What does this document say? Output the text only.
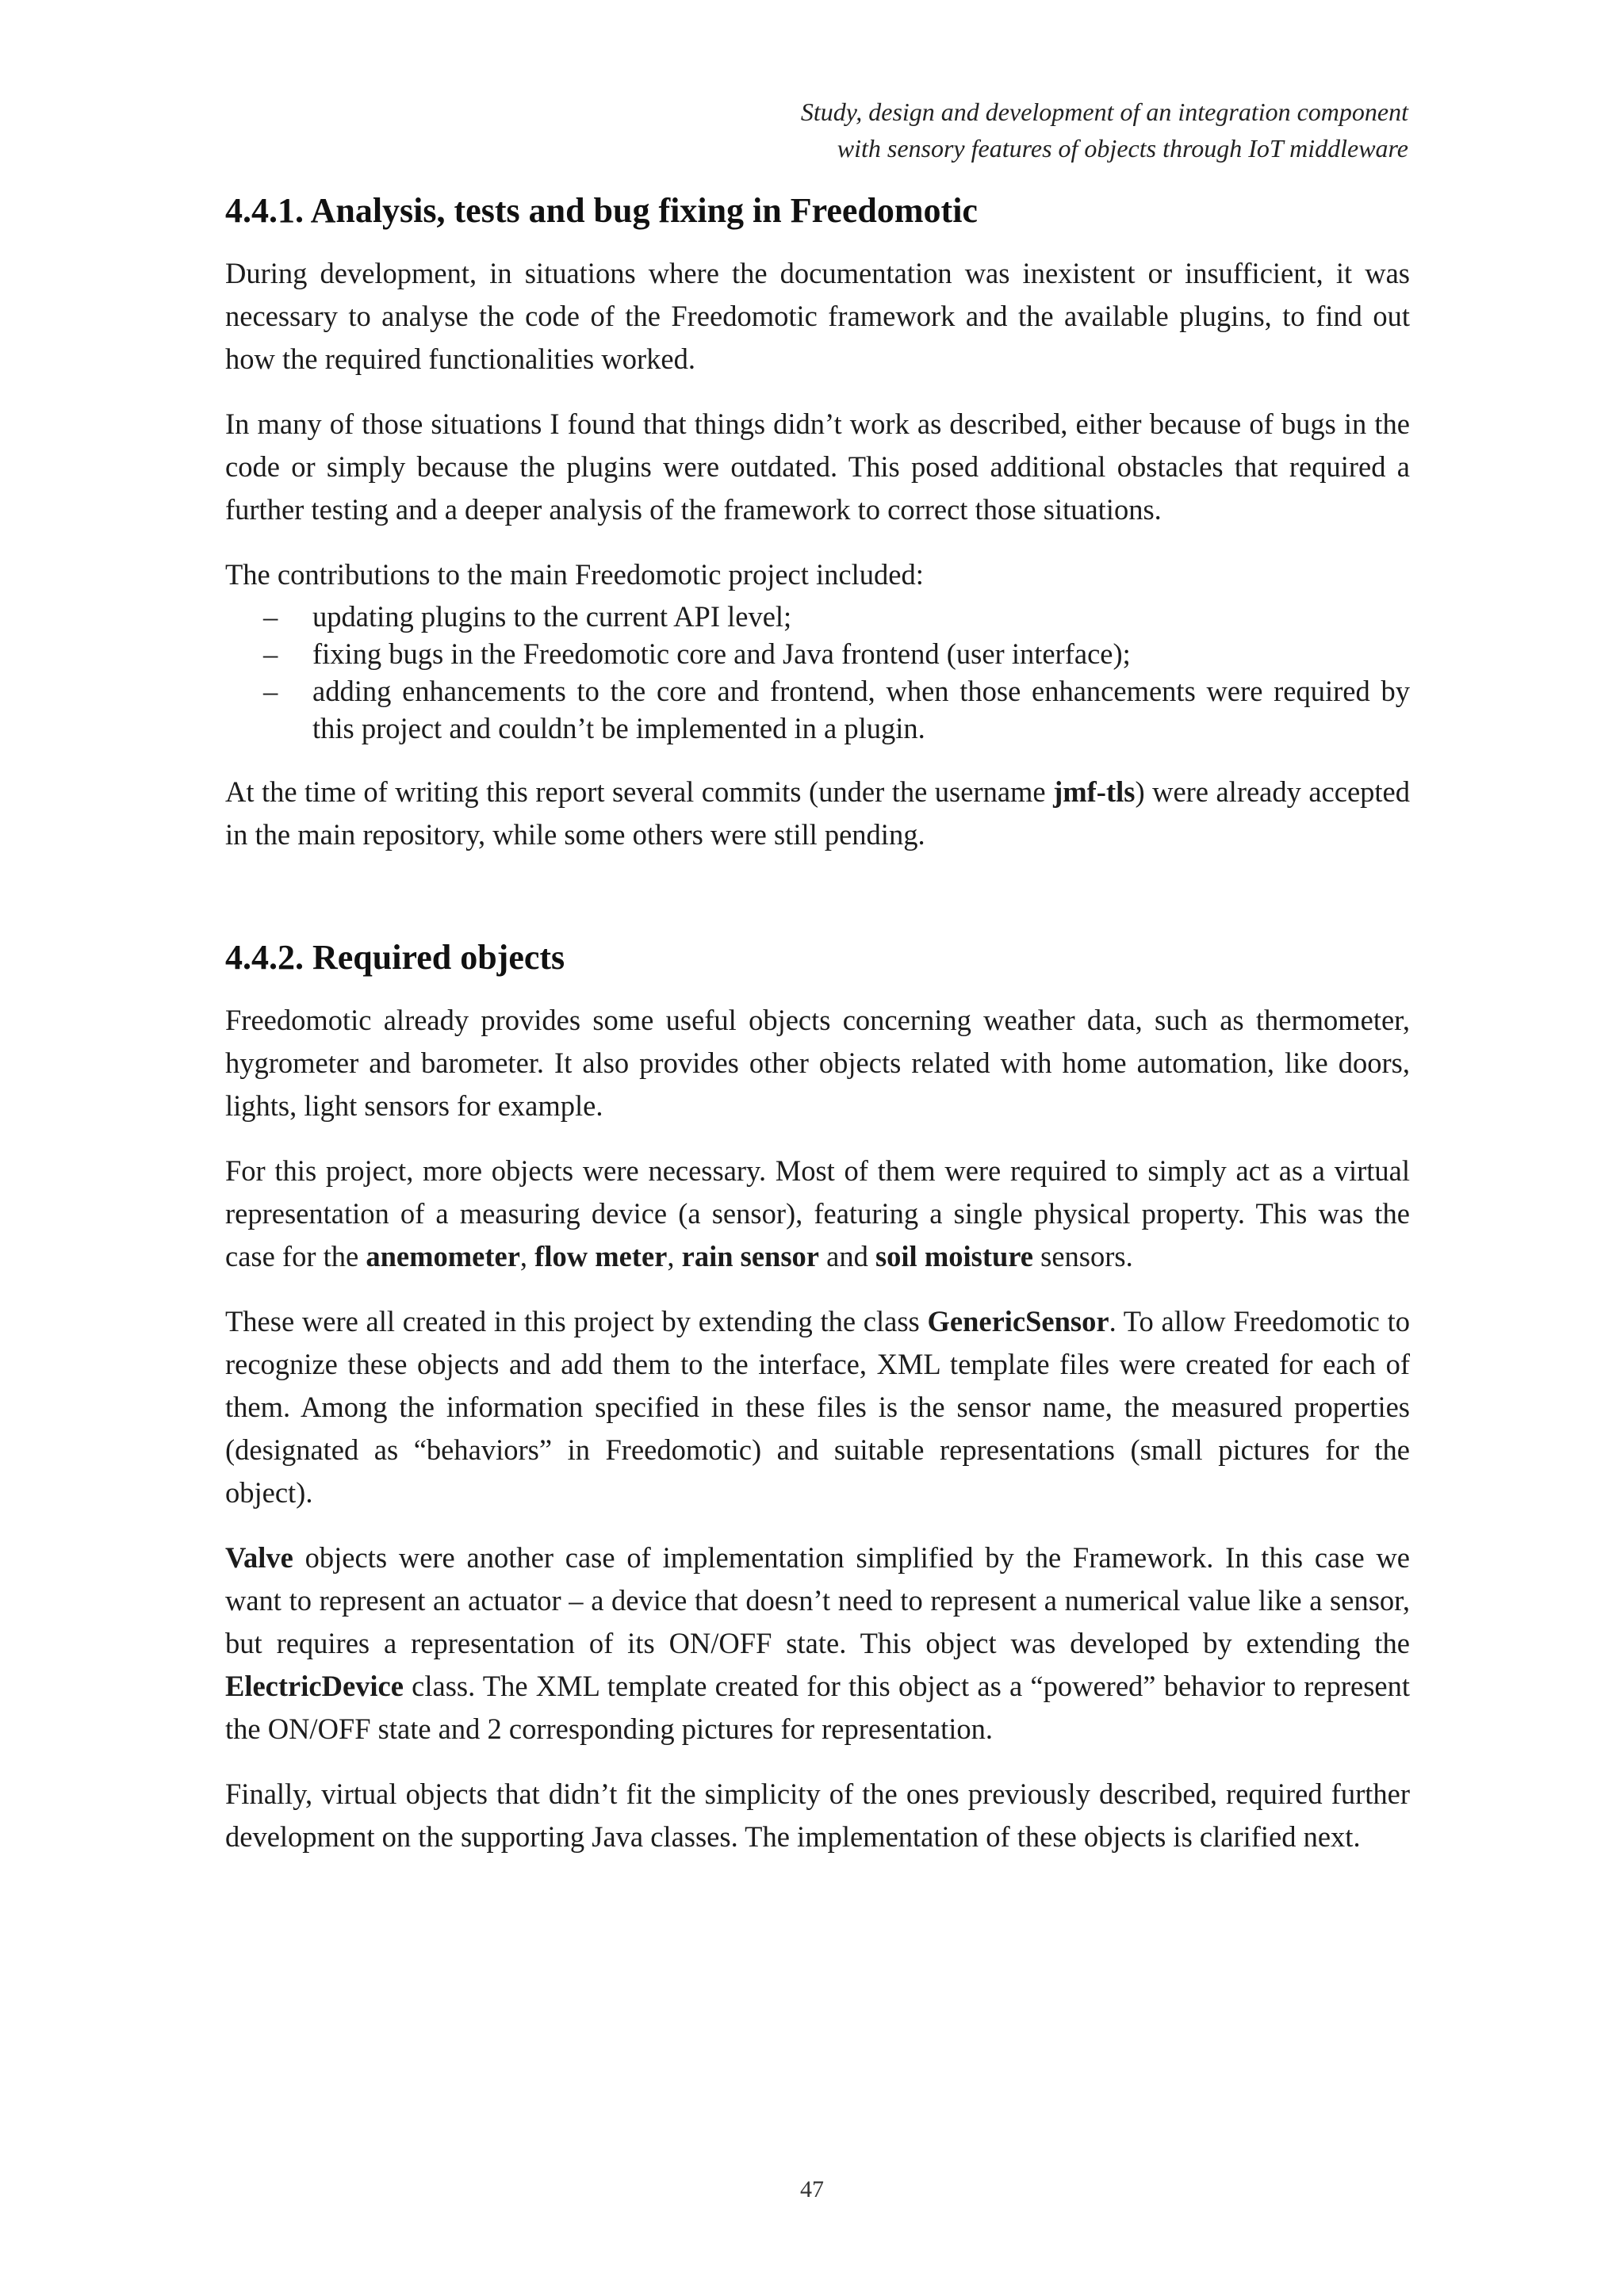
Study, design and development of an integration component
with sensory features of objects through IoT middleware
4.4.1. Analysis, tests and bug fixing in Freedomotic

During development, in situations where the documentation was inexistent or insufficient, it was necessary to analyse the code of the Freedomotic framework and the available plugins, to find out how the required functionalities worked.

In many of those situations I found that things didn’t work as described, either because of bugs in the code or simply because the plugins were outdated. This posed additional obstacles that required a further testing and a deeper analysis of the framework to correct those situations.

The contributions to the main Freedomotic project included:

– updating plugins to the current API level;
– fixing bugs in the Freedomotic core and Java frontend (user interface);
– adding enhancements to the core and frontend, when those enhancements were required by this project and couldn’t be implemented in a plugin.

At the time of writing this report several commits (under the username jmf-tls) were already accepted in the main repository, while some others were still pending.

4.4.2. Required objects

Freedomotic already provides some useful objects concerning weather data, such as thermometer, hygrometer and barometer. It also provides other objects related with home automation, like doors, lights, light sensors for example.

For this project, more objects were necessary. Most of them were required to simply act as a virtual representation of a measuring device (a sensor), featuring a single physical property. This was the case for the anemometer, flow meter, rain sensor and soil moisture sensors.

These were all created in this project by extending the class GenericSensor. To allow Freedomotic to recognize these objects and add them to the interface, XML template files were created for each of them. Among the information specified in these files is the sensor name, the measured properties (designated as “behaviors” in Freedomotic) and suitable representations (small pictures for the object).

Valve objects were another case of implementation simplified by the Framework. In this case we want to represent an actuator – a device that doesn’t need to represent a numerical value like a sensor, but requires a representation of its ON/OFF state. This object was developed by extending the ElectricDevice class. The XML template created for this object as a “powered” behavior to represent the ON/OFF state and 2 corresponding pictures for representation.

Finally, virtual objects that didn’t fit the simplicity of the ones previously described, required further development on the supporting Java classes. The implementation of these objects is clarified next.

47
